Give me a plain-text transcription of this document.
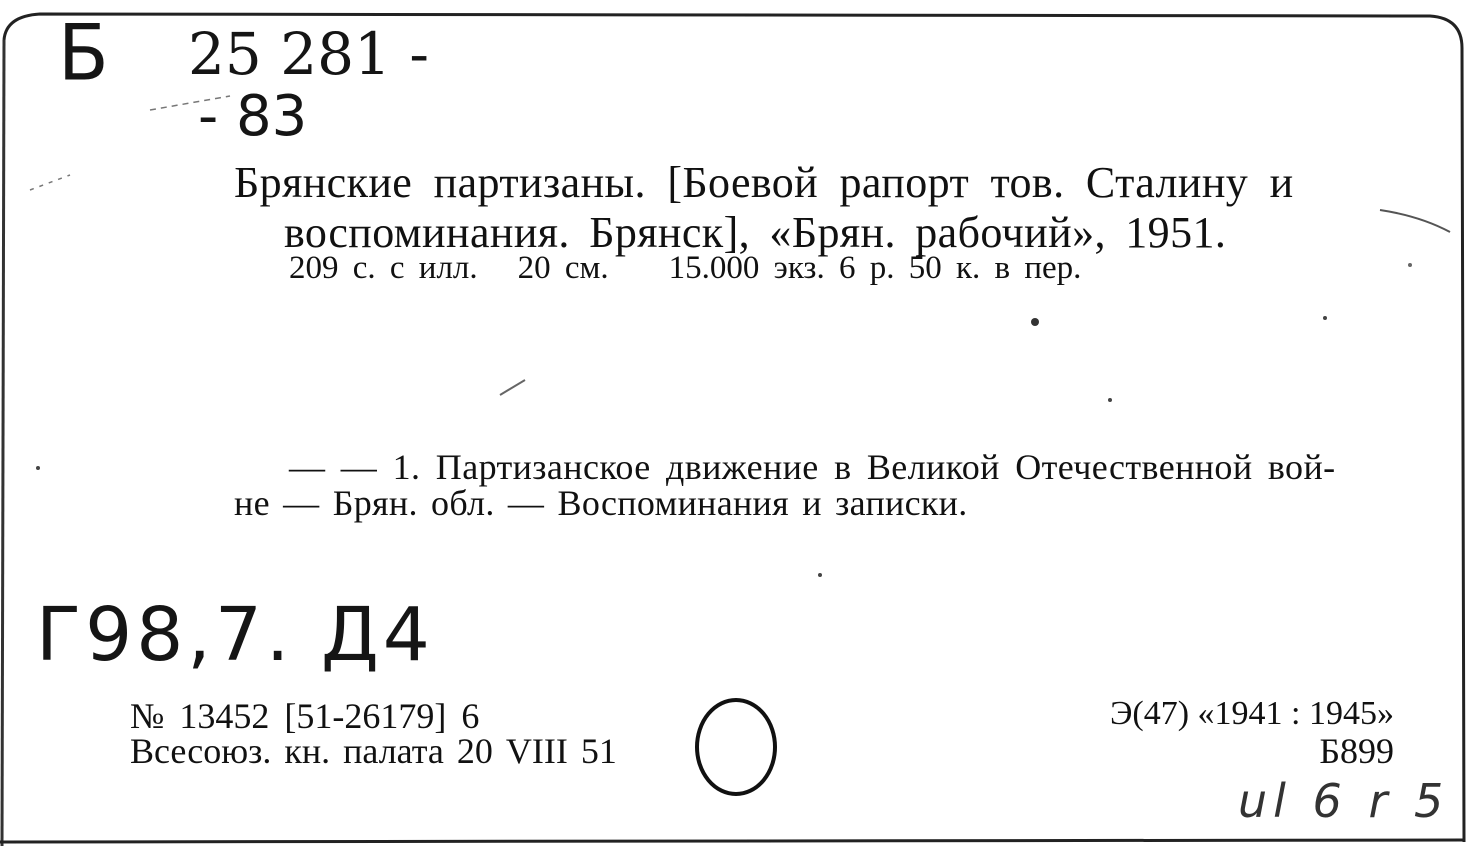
Б 25 281 -
- 83
Брянские партизаны. [Боевой рапорт тов. Сталину и
воспоминания. Брянск], «Брян. рабочий», 1951.
209 с. с илл. 20 см. 15.000 экз. 6 р. 50 к. в пер.
— — 1. Партизанское движение в Великой Отечественной вой-
не — Брян. обл. — Воспоминания и записки.
Г98,7. Д4
№ 13452 [51-26179] 6
Всесоюз. кн. палата 20 VIII 51
Э(47) «1941 : 1945»
Б899
ul 6 r 5
